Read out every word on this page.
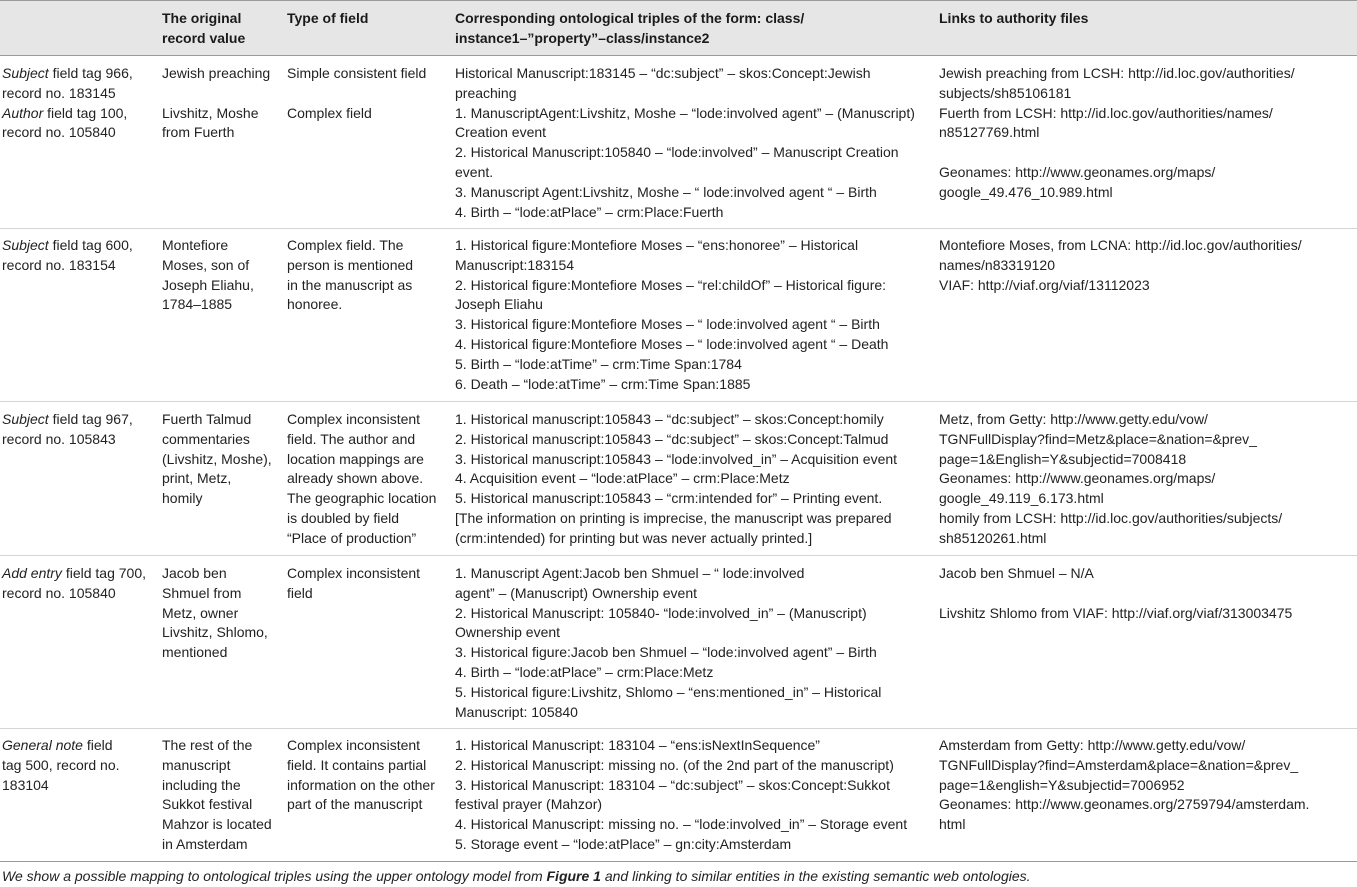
The original
record value
Type of field	Corresponding ontological triples of the form: class/
instance1–”property”–class/instance2
Links to authority files
Subject field tag 966,
record no. 183145
Author field tag 100,
record no. 105840
Jewish preaching

Livshitz, Moshe
from Fuerth
Simple consistent field

Complex field
Historical Manuscript:183145 – “dc:subject” – skos:Concept:Jewish
preaching
1. ManuscriptAgent:Livshitz, Moshe – “lode:involved agent” – (Manuscript)
Creation event
2. Historical Manuscript:105840 – “lode:involved” – Manuscript Creation
event.
3. Manuscript Agent:Livshitz, Moshe – “ lode:involved agent “ – Birth
4. Birth – “lode:atPlace” – crm:Place:Fuerth
Jewish preaching from LCSH: http://id.loc.gov/authorities/
subjects/sh85106181
Fuerth from LCSH: http://id.loc.gov/authorities/names/
n85127769.html

Geonames: http://www.geonames.org/maps/
google_49.476_10.989.html
Subject field tag 600,
record no. 183154
Montefiore
Moses, son of
Joseph Eliahu,
1784–1885
Complex field. The
person is mentioned
in the manuscript as
honoree.
1. Historical figure:Montefiore Moses – “ens:honoree” – Historical
Manuscript:183154
2. Historical figure:Montefiore Moses – “rel:childOf” – Historical figure:
Joseph Eliahu
3. Historical figure:Montefiore Moses – “ lode:involved agent “ – Birth
4. Historical figure:Montefiore Moses – “ lode:involved agent “ – Death
5. Birth – “lode:atTime” – crm:Time Span:1784
6. Death – “lode:atTime” – crm:Time Span:1885
Montefiore Moses, from LCNA: http://id.loc.gov/authorities/
names/n83319120
VIAF: http://viaf.org/viaf/13112023
Subject field tag 967,
record no. 105843
Fuerth Talmud
commentaries
(Livshitz, Moshe),
print, Metz,
homily
Complex inconsistent
field. The author and
location mappings are
already shown above.
The geographic location
is doubled by field
“Place of production”
1. Historical manuscript:105843 – “dc:subject” – skos:Concept:homily
2. Historical manuscript:105843 – “dc:subject” – skos:Concept:Talmud
3. Historical manuscript:105843 – “lode:involved_in” – Acquisition event
4. Acquisition event – “lode:atPlace” – crm:Place:Metz
5. Historical manuscript:105843 – “crm:intended for” – Printing event.
[The information on printing is imprecise, the manuscript was prepared
(crm:intended) for printing but was never actually printed.]
Metz, from Getty: http://www.getty.edu/vow/
TGNFullDisplay?find=Metz&place=&nation=&prev_
page=1&English=Y&subjectid=7008418
Geonames: http://www.geonames.org/maps/
google_49.119_6.173.html
homily from LCSH: http://id.loc.gov/authorities/subjects/
sh85120261.html
Add entry field tag 700,
record no. 105840
Jacob ben
Shmuel from
Metz, owner
Livshitz, Shlomo,
mentioned
Complex inconsistent
field
1. Manuscript Agent:Jacob ben Shmuel – “ lode:involved
agent” – (Manuscript) Ownership event
2. Historical Manuscript: 105840- “lode:involved_in” – (Manuscript)
Ownership event
3. Historical figure:Jacob ben Shmuel – “lode:involved agent” – Birth
4. Birth – “lode:atPlace” – crm:Place:Metz
5. Historical figure:Livshitz, Shlomo – “ens:mentioned_in” – Historical
Manuscript: 105840
Jacob ben Shmuel – N/A

Livshitz Shlomo from VIAF: http://viaf.org/viaf/313003475
General note field
tag 500, record no.
183104
The rest of the
manuscript
including the
Sukkot festival
Mahzor is located
in Amsterdam
Complex inconsistent
field. It contains partial
information on the other
part of the manuscript
1. Historical Manuscript: 183104 – “ens:isNextInSequence”
2. Historical Manuscript: missing no. (of the 2nd part of the manuscript)
3. Historical Manuscript: 183104 – “dc:subject” – skos:Concept:Sukkot
festival prayer (Mahzor)
4. Historical Manuscript: missing no. – “lode:involved_in” – Storage event
5. Storage event – “lode:atPlace” – gn:city:Amsterdam
Amsterdam from Getty: http://www.getty.edu/vow/
TGNFullDisplay?find=Amsterdam&place=&nation=&prev_
page=1&english=Y&subjectid=7006952
Geonames: http://www.geonames.org/2759794/amsterdam.
html
We show a possible mapping to ontological triples using the upper ontology model from Figure 1 and linking to similar entities in the existing semantic web ontologies.
